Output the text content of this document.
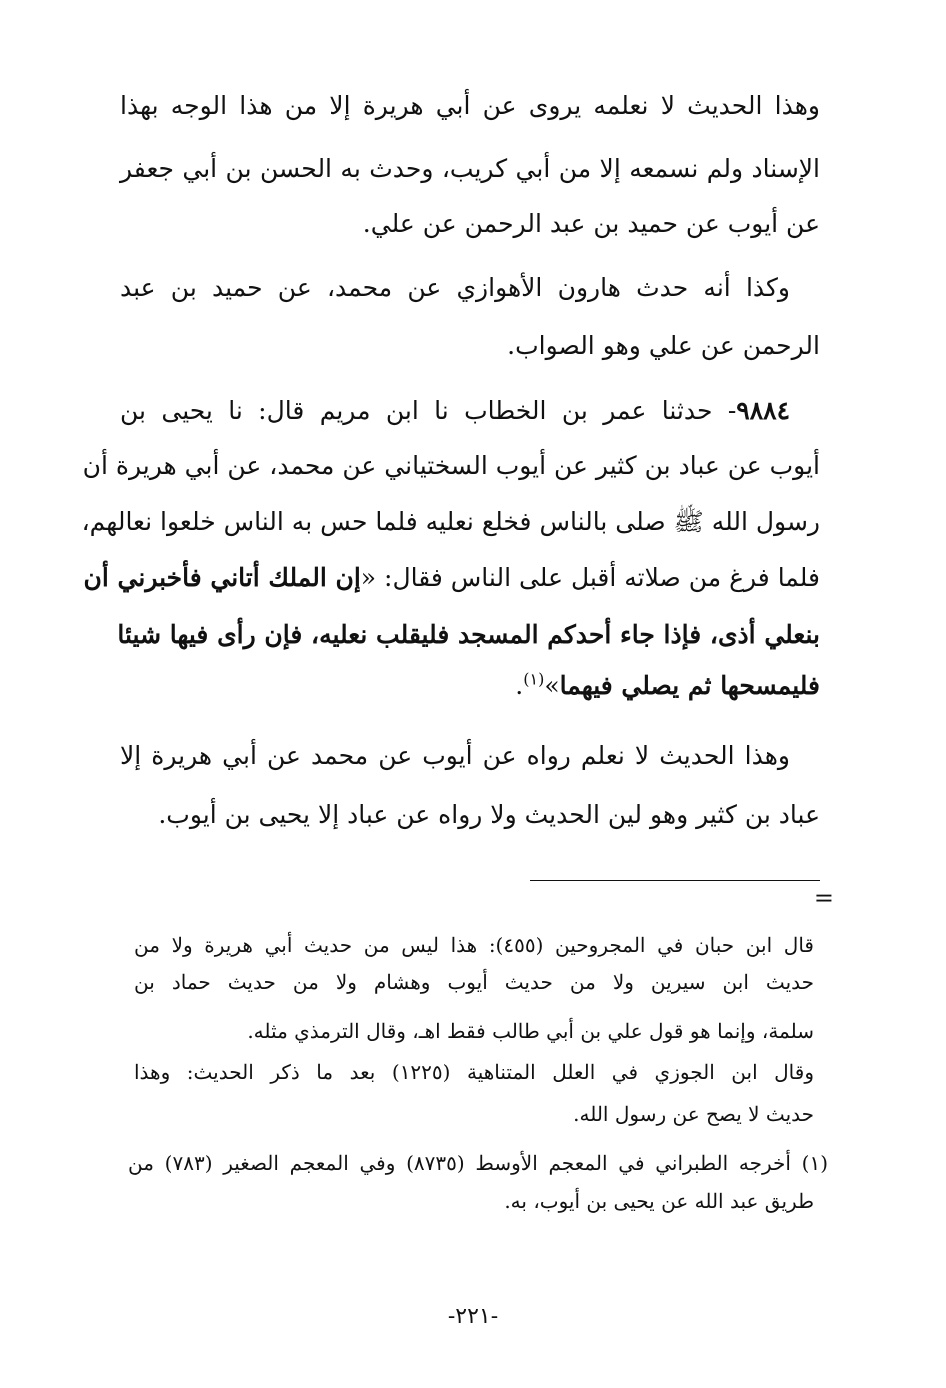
وهذا الحديث لا نعلمه يروى عن أبي هريرة إلا من هذا الوجه بهذا
الإسناد ولم نسمعه إلا من أبي كريب، وحدث به الحسن بن أبي جعفر
عن أيوب عن حميد بن عبد الرحمن عن علي.
وكذا أنه حدث هارون الأهوازي عن محمد، عن حميد بن عبد
الرحمن عن علي وهو الصواب.
٩٨٨٤- حدثنا عمر بن الخطاب نا ابن مريم قال: نا يحيى بن
أيوب عن عباد بن كثير عن أيوب السختياني عن محمد، عن أبي هريرة أن
رسول الله ﷺ صلى بالناس فخلع نعليه فلما حس به الناس خلعوا نعالهم،
فلما فرغ من صلاته أقبل على الناس فقال: «إن الملك أتاني فأخبرني أن
بنعلي أذى، فإذا جاء أحدكم المسجد فليقلب نعليه، فإن رأى فيها شيئا
فليمسحها ثم يصلي فيهما»$^{(١)}$.
وهذا الحديث لا نعلم رواه عن أيوب عن محمد عن أبي هريرة إلا
عباد بن كثير وهو لين الحديث ولا رواه عن عباد إلا يحيى بن أيوب.
=
قال ابن حبان في المجروحين (٤٥٥): هذا ليس من حديث أبي هريرة ولا من
حديث ابن سيرين ولا من حديث أيوب وهشام ولا من حديث حماد بن
سلمة، وإنما هو قول علي بن أبي طالب فقط اهـ، وقال الترمذي مثله.
وقال ابن الجوزي في العلل المتناهية (١٢٢٥) بعد ما ذكر الحديث: وهذا
حديث لا يصح عن رسول الله.
(١) أخرجه الطبراني في المعجم الأوسط (٨٧٣٥) وفي المعجم الصغير (٧٨٣) من
طريق عبد الله عن يحيى بن أيوب، به.
-٢٢١-
